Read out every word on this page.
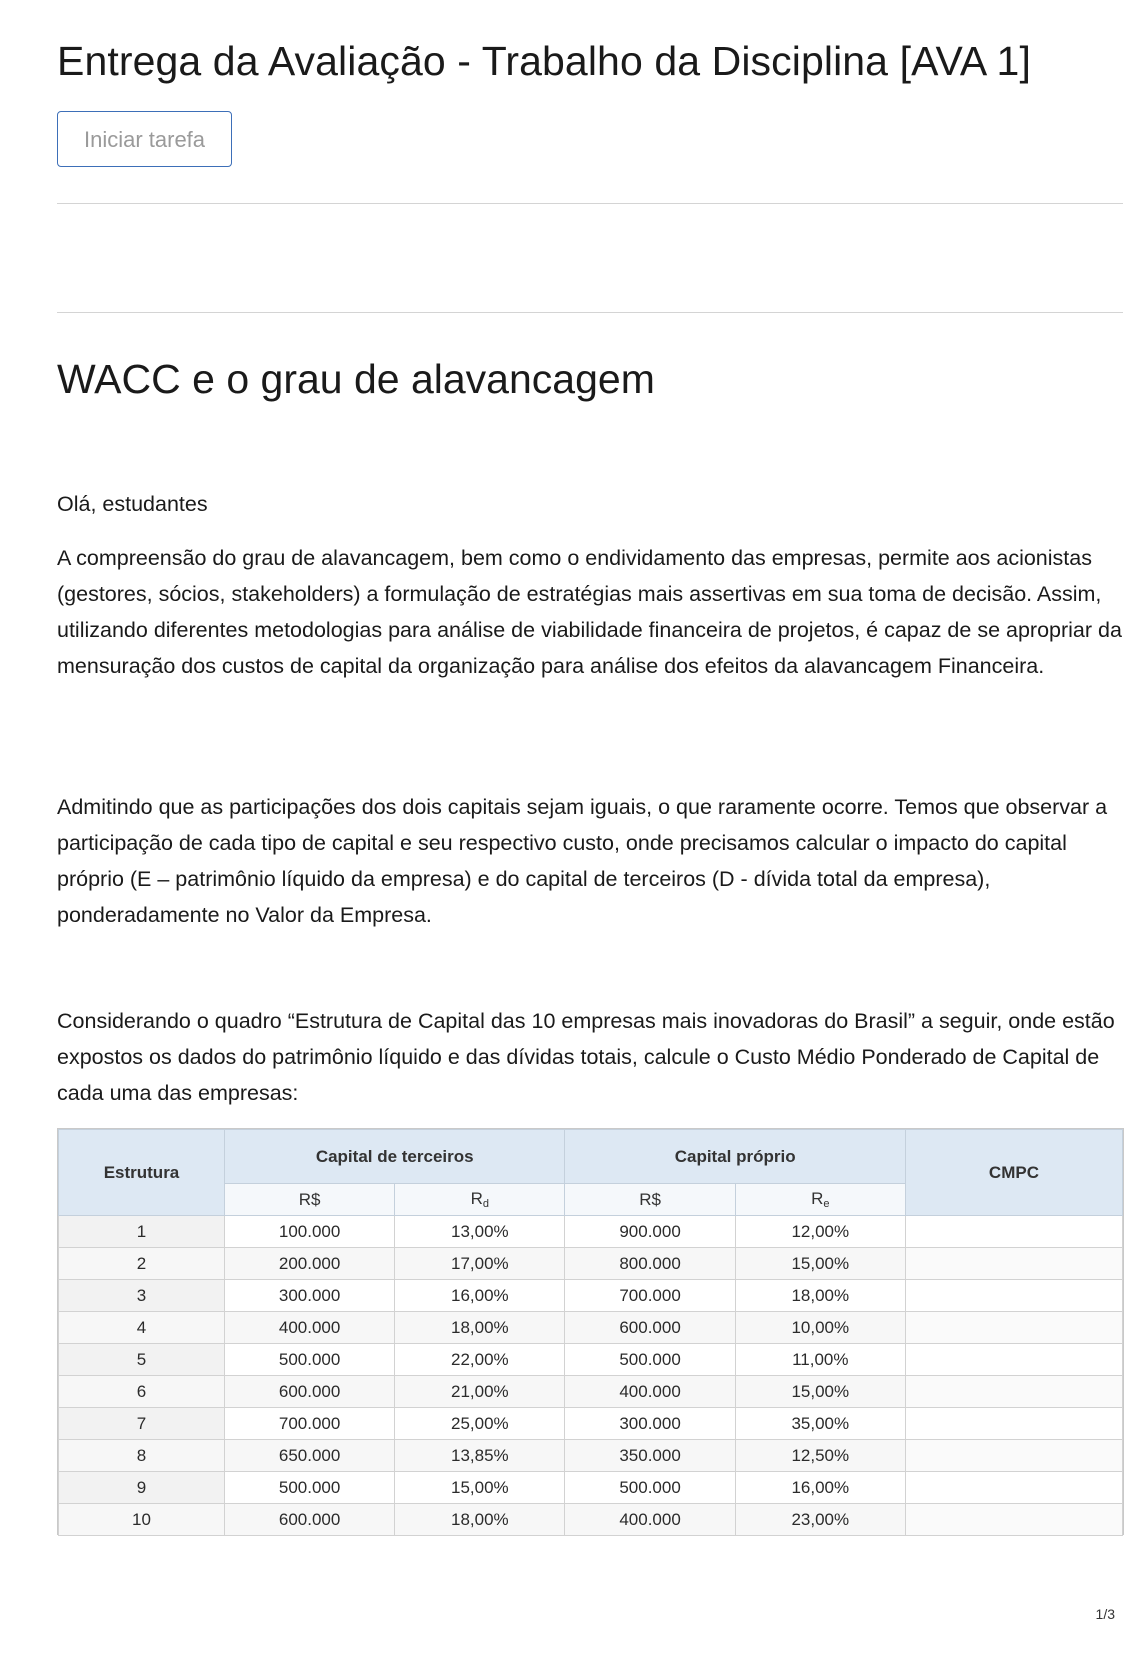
Entrega da Avaliação - Trabalho da Disciplina [AVA 1]
Iniciar tarefa
WACC e o grau de alavancagem

Olá, estudantes

A compreensão do grau de alavancagem, bem como o endividamento das empresas, permite aos acionistas (gestores, sócios, stakeholders) a formulação de estratégias mais assertivas em sua toma de decisão. Assim, utilizando diferentes metodologias para análise de viabilidade financeira de projetos, é capaz de se apropriar da mensuração dos custos de capital da organização para análise dos efeitos da alavancagem Financeira.

Admitindo que as participações dos dois capitais sejam iguais, o que raramente ocorre. Temos que observar a participação de cada tipo de capital e seu respectivo custo, onde precisamos calcular o impacto do capital próprio (E – patrimônio líquido da empresa) e do capital de terceiros (D - dívida total da empresa), ponderadamente no Valor da Empresa.

Considerando o quadro “Estrutura de Capital das 10 empresas mais inovadoras do Brasil” a seguir, onde estão expostos os dados do patrimônio líquido e das dívidas totais, calcule o Custo Médio Ponderado de Capital de cada uma das empresas:

Estrutura	Capital de terceiros		Capital próprio		CMPC
	R$	$R_d$	R$	$R_e$
1	100.000	13,00%	900.000	12,00%	
2	200.000	17,00%	800.000	15,00%	
3	300.000	16,00%	700.000	18,00%	
4	400.000	18,00%	600.000	10,00%	
5	500.000	22,00%	500.000	11,00%	
6	600.000	21,00%	400.000	15,00%	
7	700.000	25,00%	300.000	35,00%	
8	650.000	13,85%	350.000	12,50%	
9	500.000	15,00%	500.000	16,00%	
10	600.000	18,00%	400.000	23,00%	
1/3
